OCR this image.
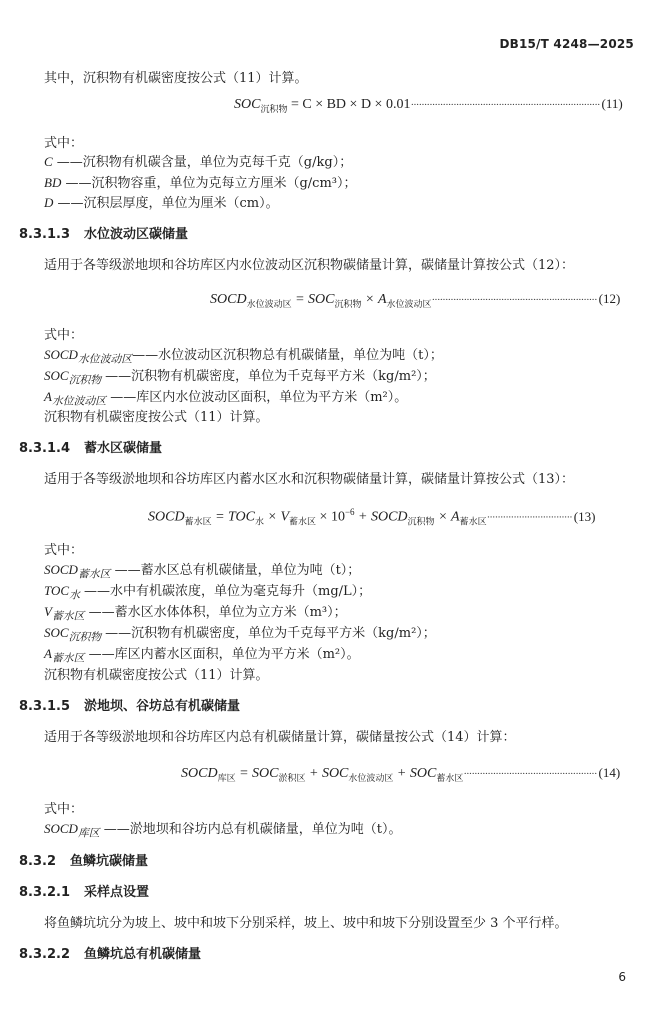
DB15/T 4248—2025
其中，沉积物有机碳密度按公式（11）计算。
$SOC_{沉积物} = C$ × BD × D × 0.01······································································· (11)
式中：
C ——沉积物有机碳含量，单位为克每千克（g/kg）；
BD ——沉积物容重，单位为克每立方厘米（g/cm³）；
D ——沉积层厚度，单位为厘米（cm）。
8.3.1.3 水位波动区碳储量
适用于各等级淤地坝和谷坊库区内水位波动区沉积物碳储量计算，碳储量计算按公式（12）：
$SOCD_{水位波动区} = SOC_{沉积物} \times A_{水位波动区}\cdot\cdot\cdot\cdot\cdot\cdot\cdot\cdot\cdot\cdot\cdot\cdot\cdot\cdot\cdot\cdot\cdot\cdot\cdot\cdot\cdot\cdot\cdot\cdot\cdot\cdot\cdot\cdot\cdot\cdot\cdot\cdot\cdot\cdot\cdot\cdot\cdot\cdot\cdot\cdot\cdot\cdot\cdot\cdot\cdot\cdot\cdot\cdot\cdot\cdot\cdot\cdot\cdot\cdot\cdot\cdot\cdot\cdot\cdot\cdot\cdot\cdot (12)$
式中：
$SOCD_{水位波动区}——$水位波动区沉积物总有机碳储量，单位为吨（t）；
$SOC_{沉积物}$ ——沉积物有机碳密度，单位为千克每平方米（kg/m²）；
$A_{水位波动区}$ ——库区内水位波动区面积，单位为平方米（m²）。
沉积物有机碳密度按公式（11）计算。
8.3.1.4 蓄水区碳储量
适用于各等级淤地坝和谷坊库区内蓄水区水和沉积物碳储量计算，碳储量计算按公式（13）：
$SOCD_{蓄水区} = TOC_水 \times V_{蓄水区} \times 10^{-6}$ + $SOCD_{沉积物} \times A_{蓄水区}\cdot\cdot\cdot\cdot\cdot\cdot\cdot\cdot\cdot\cdot\cdot\cdot\cdot\cdot\cdot\cdot\cdot\cdot\cdot\cdot\cdot\cdot\cdot\cdot\cdot\cdot\cdot\cdot\cdot\cdot\cdot\cdot (13)$
式中：
$SOCD_{蓄水区}$ ——蓄水区总有机碳储量，单位为吨（t）；
$TOC_水$ ——水中有机碳浓度，单位为毫克每升（mg/L）；
$V_{蓄水区}$ ——蓄水区水体体积，单位为立方米（m³）；
$SOC_{沉积物}$ ——沉积物有机碳密度，单位为千克每平方米（kg/m²）；
$A_{蓄水区}$ ——库区内蓄水区面积，单位为平方米（m²）。
沉积物有机碳密度按公式（11）计算。
8.3.1.5 淤地坝、谷坊总有机碳储量
适用于各等级淤地坝和谷坊库区内总有机碳储量计算，碳储量按公式（14）计算：
$SOCD_{库区} = SOC_{淤积区} + SOC_{水位波动区} + SOC_{蓄水区}\cdot\cdot\cdot\cdot\cdot\cdot\cdot\cdot\cdot\cdot\cdot\cdot\cdot\cdot\cdot\cdot\cdot\cdot\cdot\cdot\cdot\cdot\cdot\cdot\cdot\cdot\cdot\cdot\cdot\cdot\cdot\cdot\cdot\cdot\cdot\cdot\cdot\cdot\cdot\cdot\cdot\cdot\cdot\cdot\cdot\cdot\cdot\cdot\cdot\cdot (14)$
式中：
$SOCD_{库区}$ ——淤地坝和谷坊内总有机碳储量，单位为吨（t）。
8.3.2 鱼鳞坑碳储量
8.3.2.1 采样点设置
将鱼鳞坑坑分为坡上、坡中和坡下分别采样，坡上、坡中和坡下分别设置至少 3 个平行样。
8.3.2.2 鱼鳞坑总有机碳储量
6
